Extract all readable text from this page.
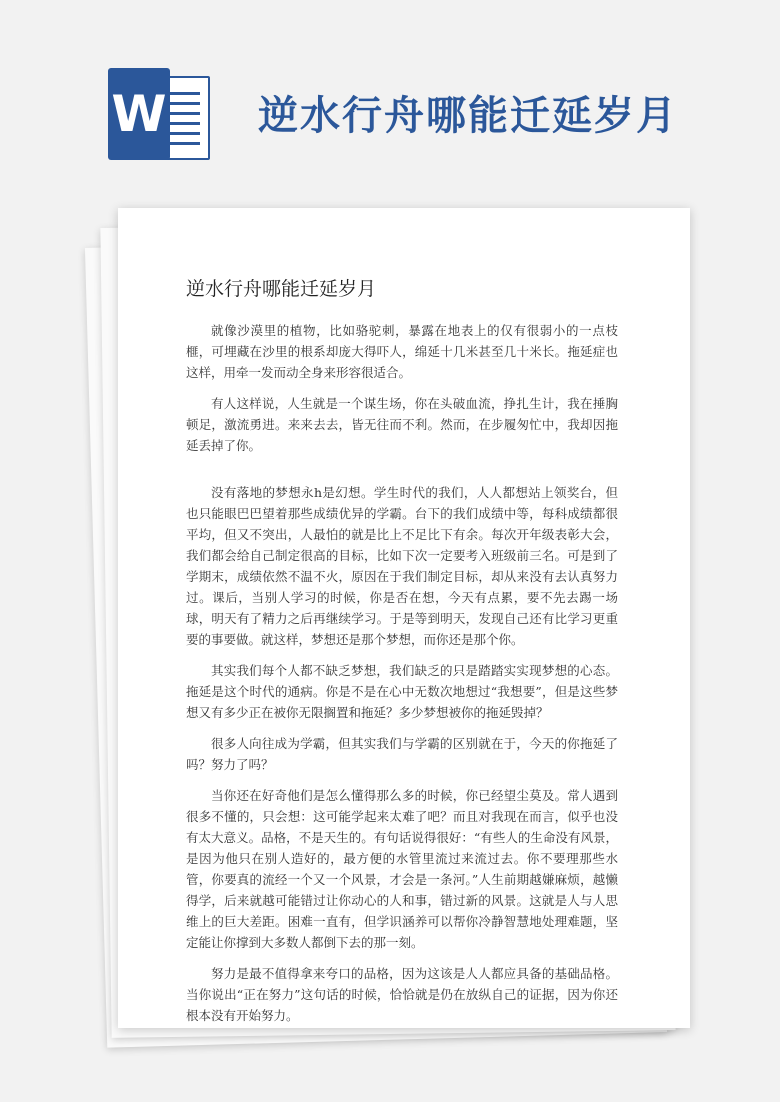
W 逆水行舟哪能迁延岁月
逆水行舟哪能迁延岁月

就像沙漠里的植物，比如骆驼刺，暴露在地表上的仅有很弱小的一点枝榧，可埋藏在沙里的根系却庞大得吓人，绵延十几米甚至几十米长。拖延症也这样，用牵一发而动全身来形容很适合。

有人这样说，人生就是一个谋生场，你在头破血流，挣扎生计，我在捶胸顿足，激流勇进。来来去去，皆无往而不利。然而，在步履匆忙中，我却因拖延丢掉了你。

没有落地的梦想永h是幻想。学生时代的我们，人人都想站上领奖台，但也只能眼巴巴望着那些成绩优异的学霸。台下的我们成绩中等，每科成绩都很平均，但又不突出，人最怕的就是比上不足比下有余。每次开年级表彰大会，我们都会给自己制定很高的目标，比如下次一定要考入班级前三名。可是到了学期末，成绩依然不温不火，原因在于我们制定目标，却从来没有去认真努力过。课后，当别人学习的时候，你是否在想，今天有点累，要不先去踢一场球，明天有了精力之后再继续学习。于是等到明天，发现自己还有比学习更重要的事要做。就这样，梦想还是那个梦想，而你还是那个你。

其实我们每个人都不缺乏梦想，我们缺乏的只是踏踏实实现梦想的心态。拖延是这个时代的通病。你是不是在心中无数次地想过“我想要”，但是这些梦想又有多少正在被你无限搁置和拖延？多少梦想被你的拖延毁掉？

很多人向往成为学霸，但其实我们与学霸的区别就在于，今天的你拖延了吗？努力了吗？

当你还在好奇他们是怎么懂得那么多的时候，你已经望尘莫及。常人遇到很多不懂的，只会想：这可能学起来太难了吧？而且对我现在而言，似乎也没有太大意义。品格，不是天生的。有句话说得很好：“有些人的生命没有风景，是因为他只在别人造好的，最方便的水管里流过来流过去。你不要理那些水管，你要真的流经一个又一个风景，才会是一条河。”人生前期越嫌麻烦，越懒得学，后来就越可能错过让你动心的人和事，错过新的风景。这就是人与人思维上的巨大差距。困难一直有，但学识涵养可以帮你冷静智慧地处理难题，坚定能让你撑到大多数人都倒下去的那一刻。

努力是最不值得拿来夸口的品格，因为这该是人人都应具备的基础品格。当你说出“正在努力”这句话的时候，恰恰就是仍在放纵自己的证据，因为你还根本没有开始努力。
